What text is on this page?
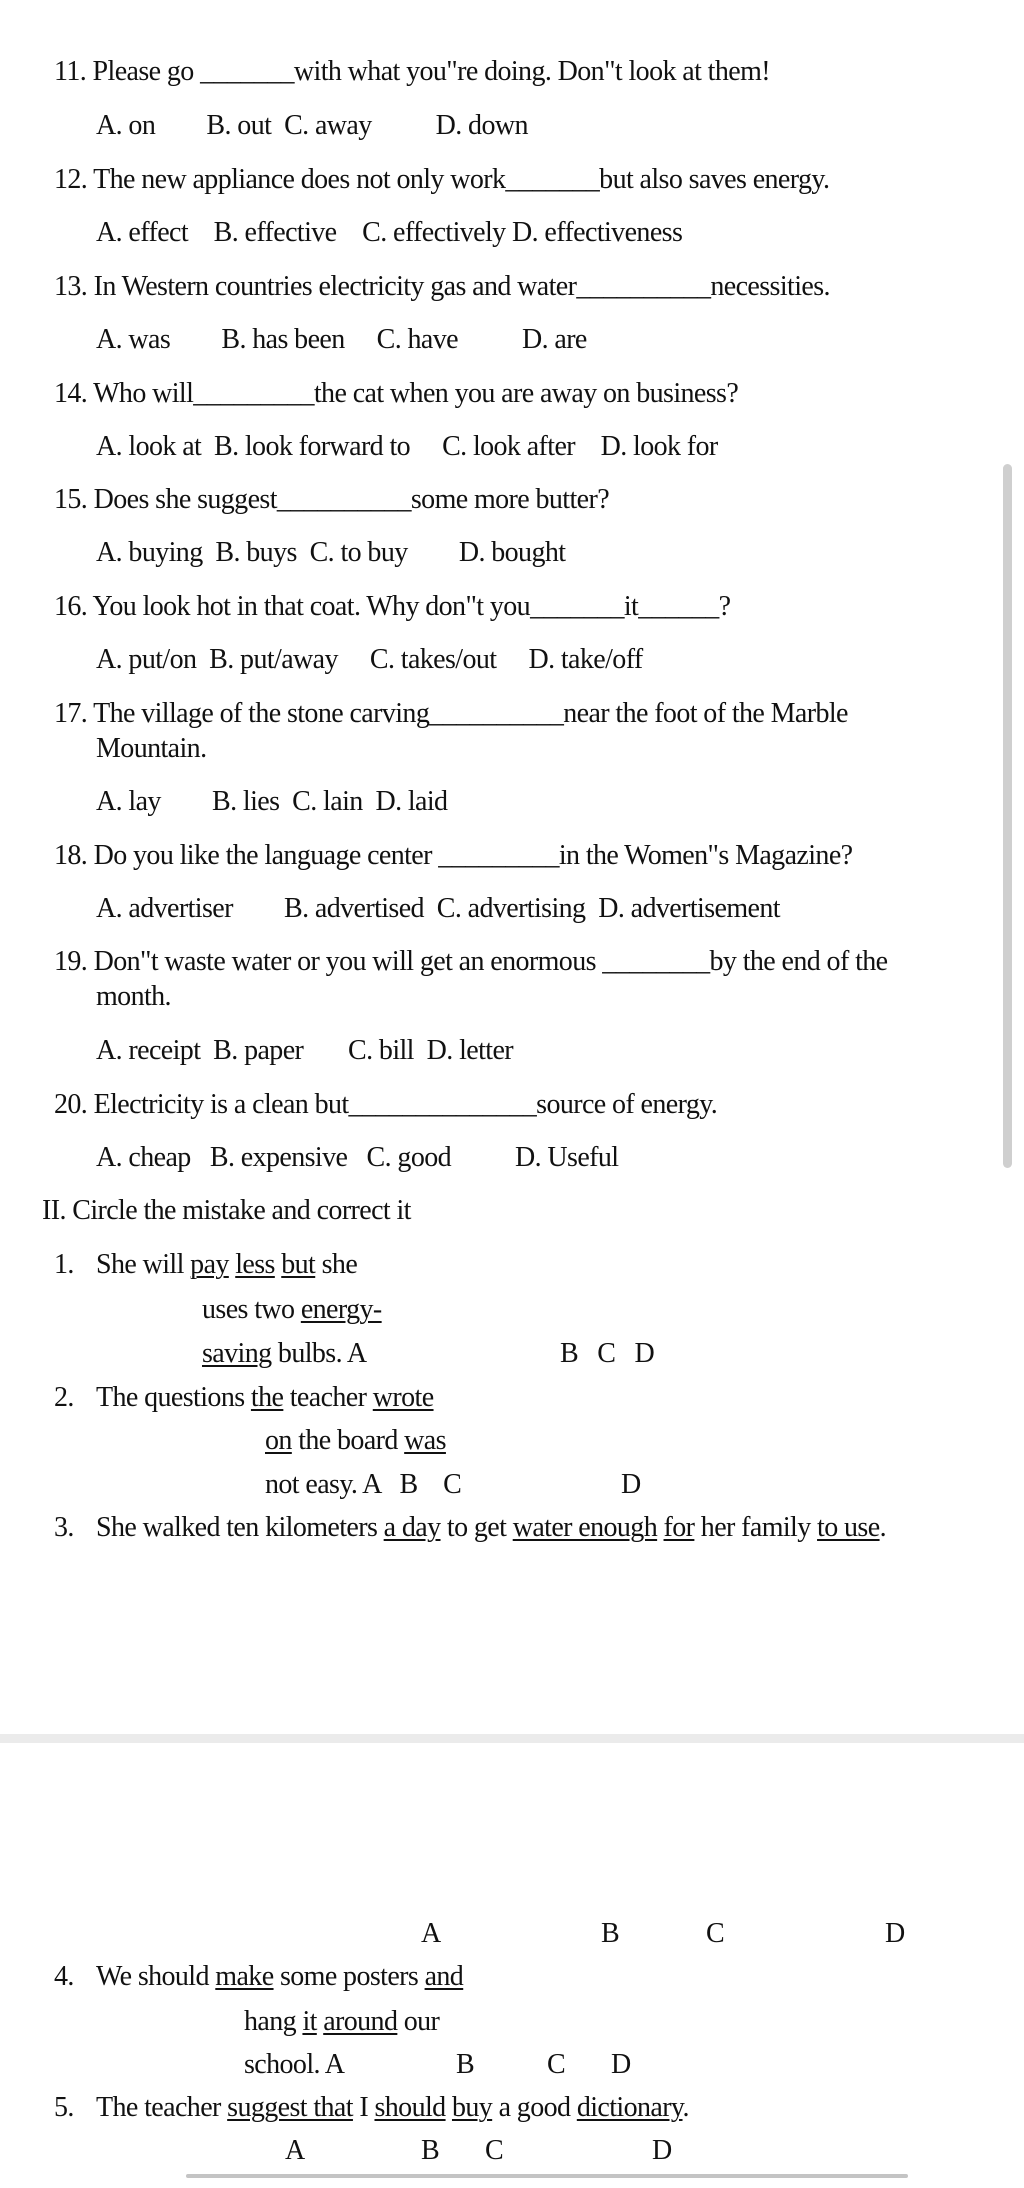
11. Please go _______with what you"re doing. Don"t look at them!
A. on        B. out  C. away          D. down
12. The new appliance does not only work_______but also saves energy.
A. effect    B. effective    C. effectively D. effectiveness
13. In Western countries electricity gas and water__________necessities.
A. was        B. has been     C. have          D. are
14. Who will_________the cat when you are away on business?
A. look at  B. look forward to     C. look after    D. look for
15. Does she suggest__________some more butter?
A. buying  B. buys  C. to buy        D. bought
16. You look hot in that coat. Why don"t you_______it______?
A. put/on  B. put/away     C. takes/out     D. take/off
17. The village of the stone carving__________near the foot of the Marble
Mountain.
A. lay        B. lies  C. lain  D. laid
18. Do you like the language center _________in the Women"s Magazine?
A. advertiser        B. advertised  C. advertising  D. advertisement
19. Don"t waste water or you will get an enormous ________by the end of the
month.
A. receipt  B. paper       C. bill  D. letter
20. Electricity is a clean but______________source of energy.
A. cheap   B. expensive   C. good          D. Useful
II. Circle the mistake and correct it
1. She will pay less but she
uses two energy-
saving bulbs. A	B   C   D
2. The questions the teacher wrote
on the board was
not easy. A   B    C	D
3. She walked ten kilometers a day to get water enough for her family to use.
A	B	C	D
4. We should make some posters and
hang it around our
school. A	B	C D
5. The teacher suggest that I should buy a good dictionary.
A	B C	D
